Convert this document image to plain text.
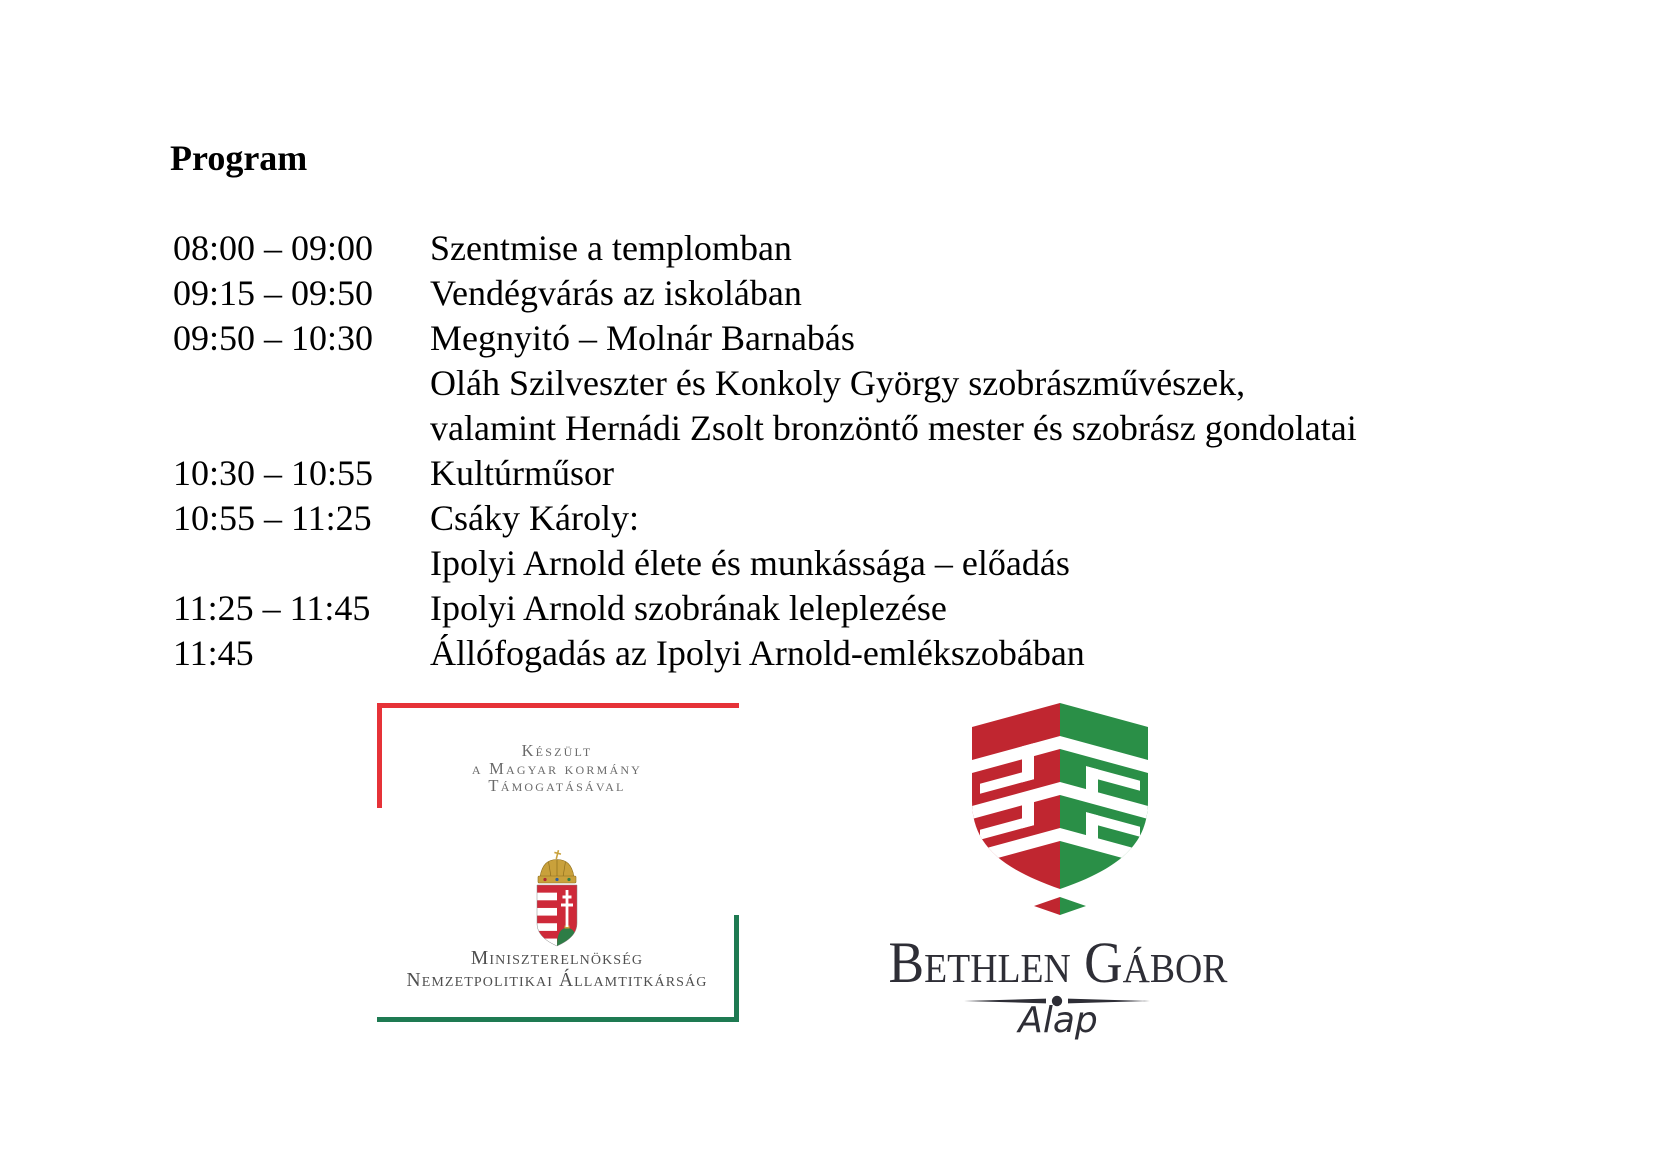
Program
08:00 – 09:00	Szentmise a templomban
09:15 – 09:50	Vendégvárás az iskolában
09:50 – 10:30	Megnyitó – Molnár Barnabás
Oláh Szilveszter és Konkoly György szobrászművészek,
valamint Hernádi Zsolt bronzöntő mester és szobrász gondolatai
10:30 – 10:55	Kultúrműsor
10:55 – 11:25	Csáky Károly:
Ipolyi Arnold élete és munkássága – előadás
11:25 – 11:45	Ipolyi Arnold szobrának leleplezése
11:45	Állófogadás az Ipolyi Arnold-emlékszobában
Készült
a Magyar kormány
Támogatásával
Miniszterelnökség
Nemzetpolitikai Államtitkárság	Bethlen Gábor
Alap
